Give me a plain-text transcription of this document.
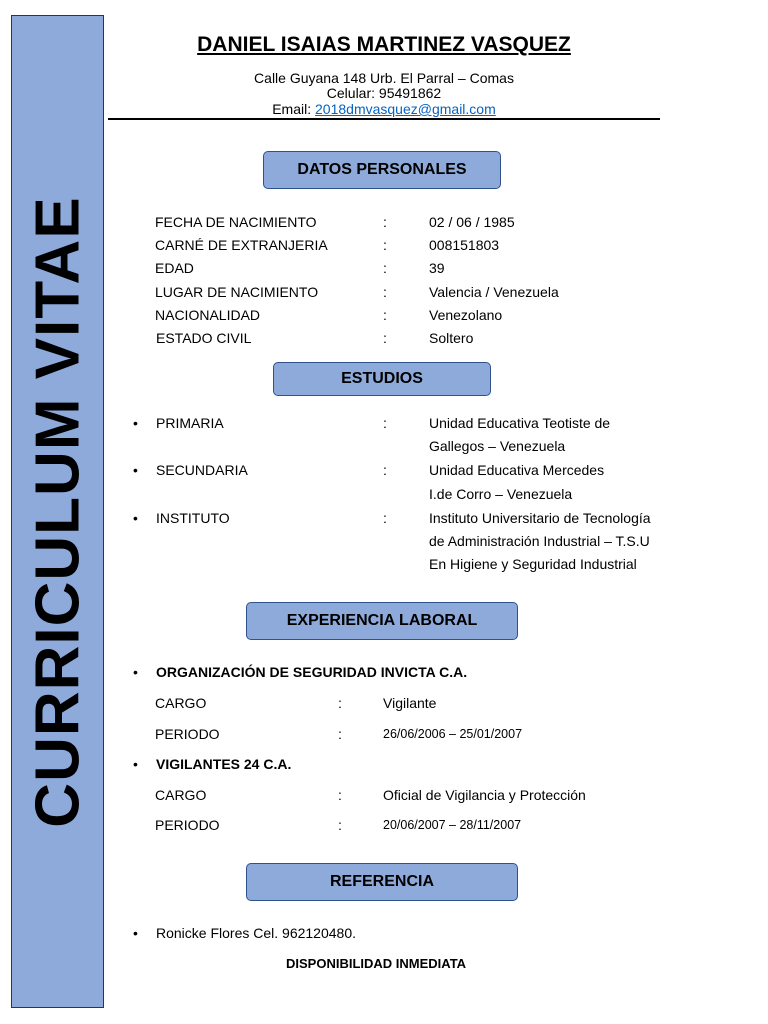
CURRICULUM VITAE
DANIEL ISAIAS MARTINEZ VASQUEZ
Calle Guyana 148 Urb. El Parral – Comas
Celular: 95491862
Email: 2018dmvasquez@gmail.com
DATOS PERSONALES
FECHA DE NACIMIENTO	:	02 / 06 / 1985
CARNÉ DE EXTRANJERIA	:	008151803
EDAD	:	39
LUGAR DE NACIMIENTO	:	Valencia / Venezuela
NACIONALIDAD	:	Venezolano
ESTADO CIVIL	:	Soltero
ESTUDIOS
• PRIMARIA	:	Unidad Educativa Teotiste de
Gallegos – Venezuela
• SECUNDARIA	:	Unidad Educativa Mercedes
I.de Corro – Venezuela
• INSTITUTO	:	Instituto Universitario de Tecnología
de Administración Industrial – T.S.U
En Higiene y Seguridad Industrial
EXPERIENCIA LABORAL
• ORGANIZACIÓN DE SEGURIDAD INVICTA C.A.
CARGO	:	Vigilante
PERIODO	:	26/06/2006 – 25/01/2007
• VIGILANTES 24 C.A.
CARGO	:	Oficial de Vigilancia y Protección
PERIODO	:	20/06/2007 – 28/11/2007
REFERENCIA
• Ronicke Flores Cel. 962120480.
DISPONIBILIDAD INMEDIATA
